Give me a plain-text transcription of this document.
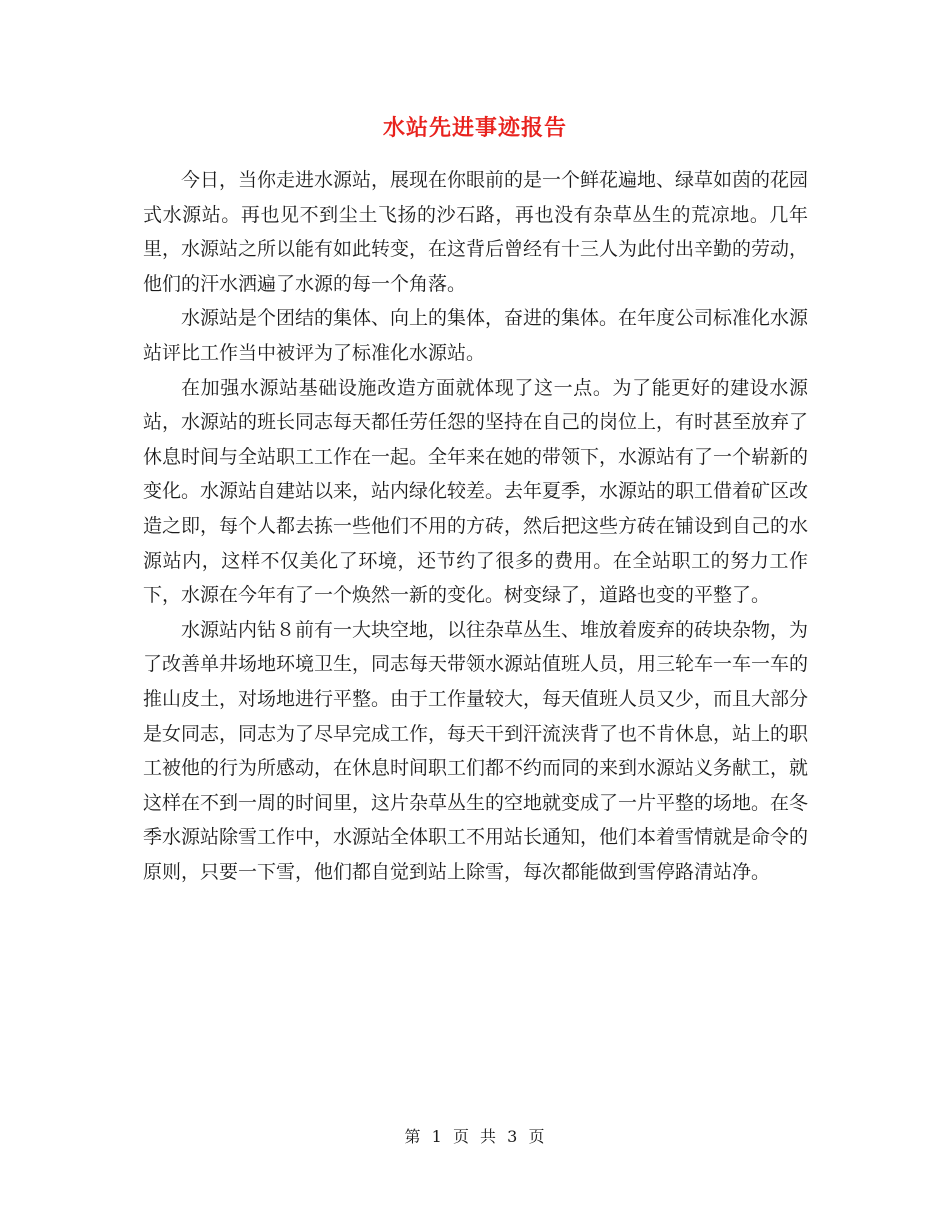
水站先进事迹报告

今日，当你走进水源站，展现在你眼前的是一个鲜花遍地、绿草如茵的花园式水源站。再也见不到尘土飞扬的沙石路，再也没有杂草丛生的荒凉地。几年里，水源站之所以能有如此转变，在这背后曾经有十三人为此付出辛勤的劳动，他们的汗水洒遍了水源的每一个角落。

水源站是个团结的集体、向上的集体，奋进的集体。在年度公司标准化水源站评比工作当中被评为了标准化水源站。

在加强水源站基础设施改造方面就体现了这一点。为了能更好的建设水源站，水源站的班长同志每天都任劳任怨的坚持在自己的岗位上，有时甚至放弃了休息时间与全站职工工作在一起。全年来在她的带领下，水源站有了一个崭新的变化。水源站自建站以来，站内绿化较差。去年夏季，水源站的职工借着矿区改造之即，每个人都去拣一些他们不用的方砖，然后把这些方砖在铺设到自己的水源站内，这样不仅美化了环境，还节约了很多的费用。在全站职工的努力工作下，水源在今年有了一个焕然一新的变化。树变绿了，道路也变的平整了。

水源站内钻８前有一大块空地，以往杂草丛生、堆放着废弃的砖块杂物，为了改善单井场地环境卫生，同志每天带领水源站值班人员，用三轮车一车一车的推山皮土，对场地进行平整。由于工作量较大，每天值班人员又少，而且大部分是女同志，同志为了尽早完成工作，每天干到汗流浃背了也不肯休息，站上的职工被他的行为所感动，在休息时间职工们都不约而同的来到水源站义务献工，就这样在不到一周的时间里，这片杂草丛生的空地就变成了一片平整的场地。在冬季水源站除雪工作中，水源站全体职工不用站长通知，他们本着雪情就是命令的原则，只要一下雪，他们都自觉到站上除雪，每次都能做到雪停路清站净。

第 1 页 共 3 页
